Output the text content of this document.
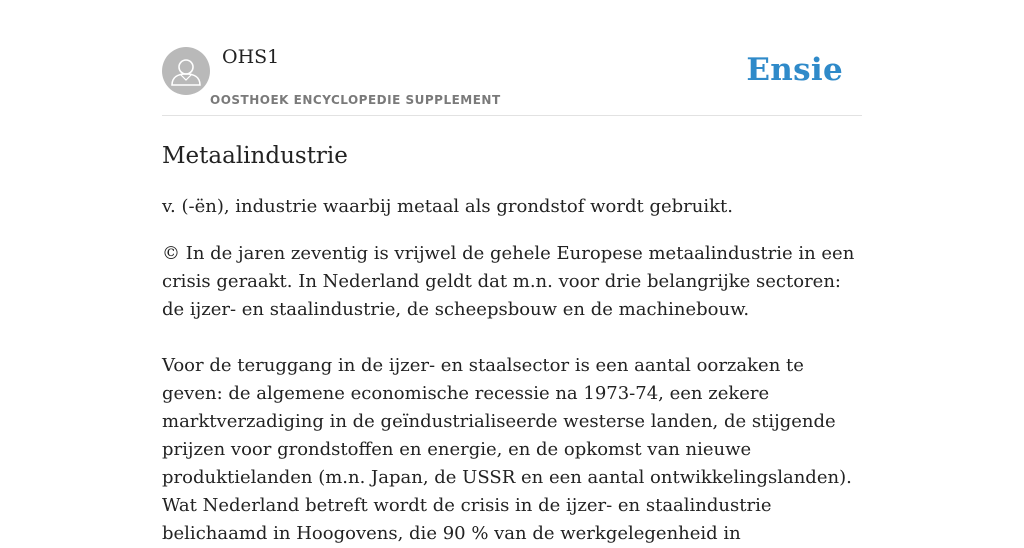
OHS1
OOSTHOEK ENCYCLOPEDIE SUPPLEMENT
Ensie
Metaalindustrie

v. (-ën), industrie waarbij metaal als grondstof wordt gebruikt.

© In de jaren zeventig is vrijwel de gehele Europese metaalindustrie in een crisis geraakt. In Nederland geldt dat m.n. voor drie belangrijke sectoren: de ijzer- en staalindustrie, de scheepsbouw en de machinebouw.

Voor de teruggang in de ijzer- en staalsector is een aantal oorzaken te geven: de algemene economische recessie na 1973-74, een zekere marktverzadiging in de geïndustrialiseerde westerse landen, de stijgende prijzen voor grondstoffen en energie, en de opkomst van nieuwe produktielanden (m.n. Japan, de USSR en een aantal ontwikkelingslanden). Wat Nederland betreft wordt de crisis in de ijzer- en staalindustrie belichaamd in Hoogovens, die 90 % van de werkgelegenheid in
